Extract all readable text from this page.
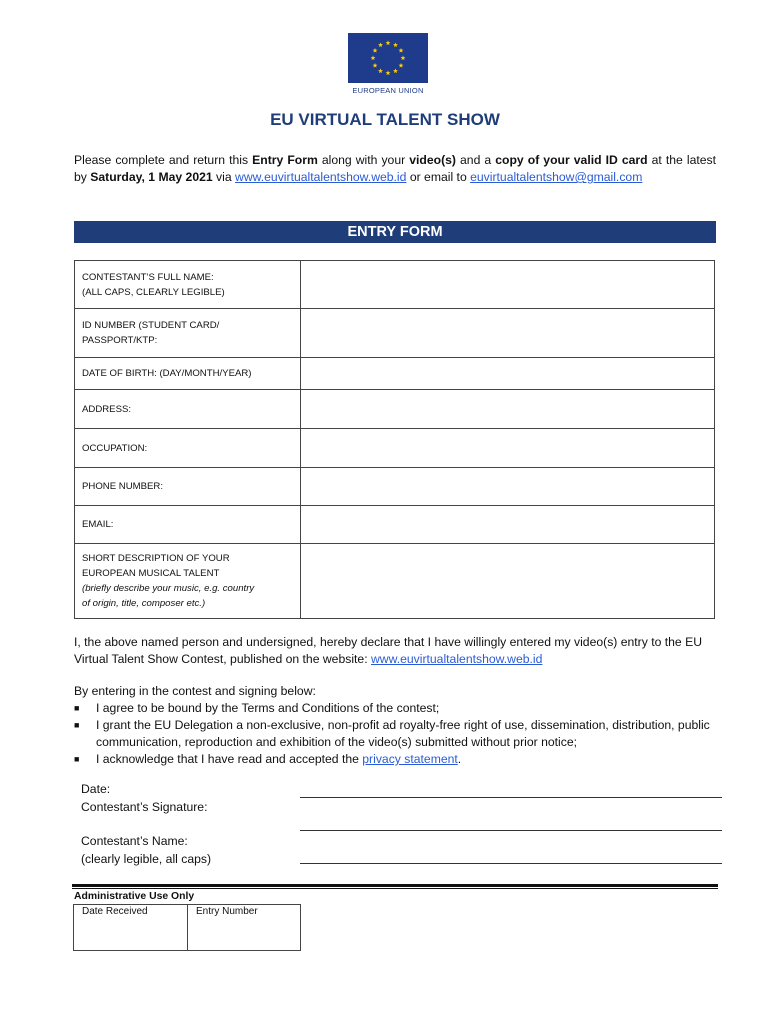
EUROPEAN UNION
EU VIRTUAL TALENT SHOW
Please complete and return this Entry Form along with your video(s) and a copy of your valid ID card at the latest by Saturday, 1 May 2021 via www.euvirtualtalentshow.web.id or email to euvirtualtalentshow@gmail.com
ENTRY FORM
CONTESTANT’S FULL NAME:
(ALL CAPS, CLEARLY LEGIBLE)	

ID NUMBER (STUDENT CARD/
PASSPORT/KTP:	

DATE OF BIRTH: (DAY/MONTH/YEAR)	

ADDRESS:	

OCCUPATION:	

PHONE NUMBER:	

EMAIL:	

SHORT DESCRIPTION OF YOUR
EUROPEAN MUSICAL TALENT
(briefly describe your music, e.g. country
of origin, title, composer etc.)	

I, the above named person and undersigned, hereby declare that I have willingly entered my video(s) entry to the EU Virtual Talent Show Contest, published on the website: www.euvirtualtalentshow.web.id
By entering in the contest and signing below:
■ I agree to be bound by the Terms and Conditions of the contest;
■ I grant the EU Delegation a non-exclusive, non-profit ad royalty-free right of use, dissemination, distribution, public communication, reproduction and exhibition of the video(s) submitted without prior notice;
■ I acknowledge that I have read and accepted the privacy statement.
Date:
Contestant’s Signature:
Contestant’s Name:
(clearly legible, all caps)
Administrative Use Only
Date Received	Entry Number
